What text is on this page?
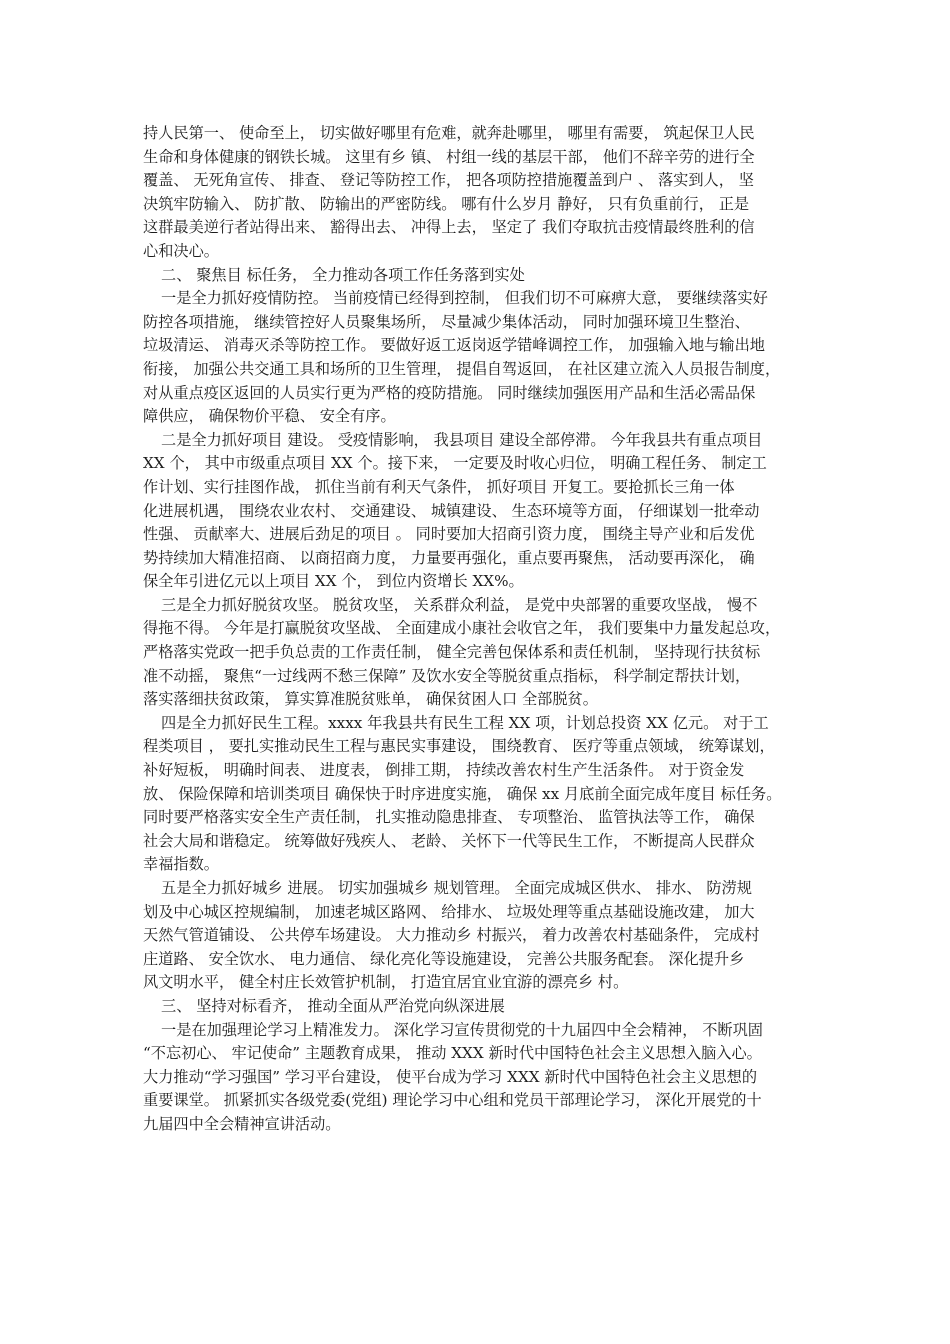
持人民第一、 使命至上， 切实做好哪里有危难，就奔赴哪里， 哪里有需要， 筑起保卫人民
生命和身体健康的钢铁长城。 这里有乡 镇、 村组一线的基层干部， 他们不辞辛劳的进行全
覆盖、 无死角宣传、 排查、 登记等防控工作， 把各项防控措施覆盖到户 、 落实到人， 坚
决筑牢防输入、 防扩散、 防输出的严密防线。 哪有什么岁月 静好， 只有负重前行， 正是
这群最美逆行者站得出来、 豁得出去、 冲得上去， 坚定了 我们夺取抗击疫情最终胜利的信
心和决心。
二、 聚焦目 标任务， 全力推动各项工作任务落到实处
一是全力抓好疫情防控。 当前疫情已经得到控制， 但我们切不可麻痹大意， 要继续落实好
防控各项措施， 继续管控好人员聚集场所， 尽量减少集体活动， 同时加强环境卫生整治、
垃圾清运、 消毒灭杀等防控工作。 要做好返工返岗返学错峰调控工作， 加强输入地与输出地
衔接， 加强公共交通工具和场所的卫生管理， 提倡自驾返回， 在社区建立流入人员报告制度，
对从重点疫区返回的人员实行更为严格的疫防措施。 同时继续加强医用产品和生活必需品保
障供应， 确保物价平稳、 安全有序。
二是全力抓好项目 建设。 受疫情影响， 我县项目 建设全部停滞。 今年我县共有重点项目
XX 个， 其中市级重点项目 XX 个。接下来， 一定要及时收心归位， 明确工程任务、 制定工
作计划、实行挂图作战， 抓住当前有利天气条件， 抓好项目 开复工。要抢抓长三角一体
化进展机遇， 围绕农业农村、 交通建设、 城镇建设、 生态环境等方面， 仔细谋划一批牵动
性强、 贡献率大、进展后劲足的项目 。 同时要加大招商引资力度， 围绕主导产业和后发优
势持续加大精准招商、 以商招商力度， 力量要再强化，重点要再聚焦， 活动要再深化， 确
保全年引进亿元以上项目 XX 个， 到位内资增长 XX%。
三是全力抓好脱贫攻坚。 脱贫攻坚， 关系群众利益， 是党中央部署的重要攻坚战， 慢不
得拖不得。 今年是打赢脱贫攻坚战、 全面建成小康社会收官之年， 我们要集中力量发起总攻，
严格落实党政一把手负总责的工作责任制， 健全完善包保体系和责任机制， 坚持现行扶贫标
准不动摇， 聚焦“一过线两不愁三保障” 及饮水安全等脱贫重点指标， 科学制定帮扶计划，
落实落细扶贫政策， 算实算准脱贫账单， 确保贫困人口 全部脱贫。
四是全力抓好民生工程。xxxx 年我县共有民生工程 XX 项，计划总投资 XX 亿元。 对于工
程类项目 ， 要扎实推动民生工程与惠民实事建设， 围绕教育、 医疗等重点领域， 统筹谋划，
补好短板， 明确时间表、 进度表， 倒排工期， 持续改善农村生产生活条件。 对于资金发
放、 保险保障和培训类项目 确保快于时序进度实施， 确保 xx 月底前全面完成年度目 标任务。
同时要严格落实安全生产责任制， 扎实推动隐患排查、 专项整治、 监管执法等工作， 确保
社会大局和谐稳定。 统筹做好残疾人、 老龄、 关怀下一代等民生工作， 不断提高人民群众
幸福指数。
五是全力抓好城乡 进展。 切实加强城乡 规划管理。 全面完成城区供水、 排水、 防涝规
划及中心城区控规编制， 加速老城区路网、 给排水、 垃圾处理等重点基础设施改建， 加大
天然气管道铺设、 公共停车场建设。 大力推动乡 村振兴， 着力改善农村基础条件， 完成村
庄道路、 安全饮水、 电力通信、 绿化亮化等设施建设， 完善公共服务配套。 深化提升乡
风文明水平， 健全村庄长效管护机制， 打造宜居宜业宜游的漂亮乡 村。
三、 坚持对标看齐， 推动全面从严治党向纵深进展
一是在加强理论学习上精准发力。 深化学习宣传贯彻党的十九届四中全会精神， 不断巩固
“不忘初心、 牢记使命” 主题教育成果， 推动 XXX 新时代中国特色社会主义思想入脑入心。
大力推动“学习强国” 学习平台建设， 使平台成为学习 XXX 新时代中国特色社会主义思想的
重要课堂。 抓紧抓实各级党委(党组) 理论学习中心组和党员干部理论学习， 深化开展党的十
九届四中全会精神宣讲活动。
